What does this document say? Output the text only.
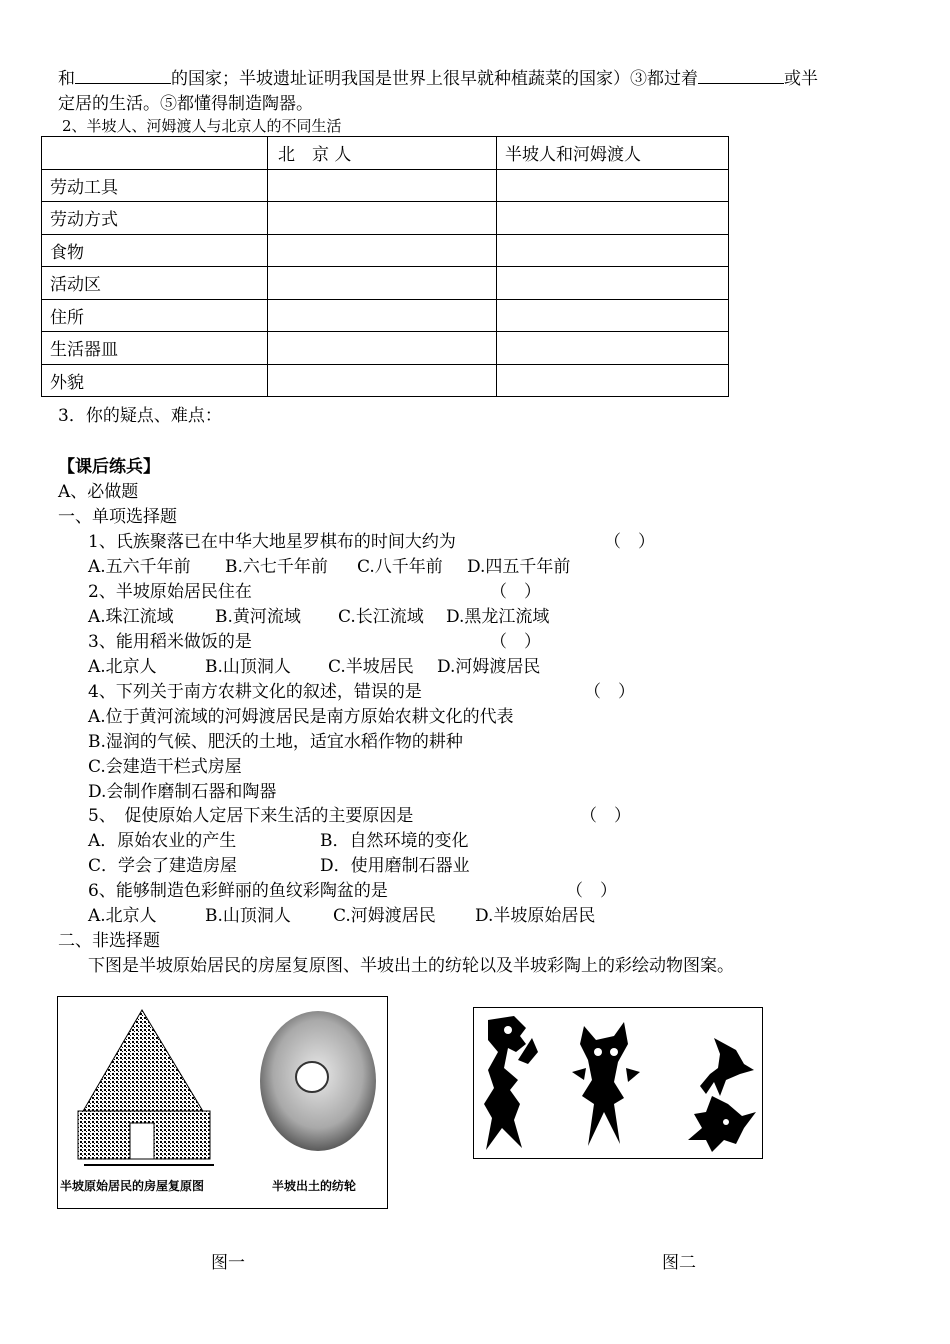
和	的国家；半坡遗址证明我国是世界上很早就种植蔬菜的国家）③都过着	或半
定居的生活。⑤都懂得制造陶器。
2、半坡人、河姆渡人与北京人的不同生活
	北　京 人	半坡人和河姆渡人
劳动工具		
劳动方式		
食物		
活动区		
住所		
生活器皿		
外貌		
3．你的疑点、难点：
【课后练兵】
A、必做题
一、单项选择题
1、氏族聚落已在中华大地星罗棋布的时间大约为	（　）
A.五六千年前 B.六七千年前 C.八千年前 D.四五千年前
2、半坡原始居民住在	（　）
A.珠江流域 B.黄河流域 C.长江流域 D.黑龙江流域
3、能用稻米做饭的是	（　）
A.北京人	B.山顶洞人 C.半坡居民 D.河姆渡居民
4、下列关于南方农耕文化的叙述，错误的是	（　）
A.位于黄河流域的河姆渡居民是南方原始农耕文化的代表
B.湿润的气候、肥沃的土地，适宜水稻作物的耕种
C.会建造干栏式房屋
D.会制作磨制石器和陶器
5、　促使原始人定居下来生活的主要原因是	（　）
A．原始农业的产生	B．自然环境的变化
C．学会了建造房屋	D．使用磨制石器业
6、能够制造色彩鲜丽的鱼纹彩陶盆的是	（　）
A.北京人	B.山顶洞人 C.河姆渡居民 D.半坡原始居民
二、非选择题
下图是半坡原始居民的房屋复原图、半坡出土的纺轮以及半坡彩陶上的彩绘动物图案。
半坡原始居民的房屋复原图	半坡出土的纺轮
图一	图二
